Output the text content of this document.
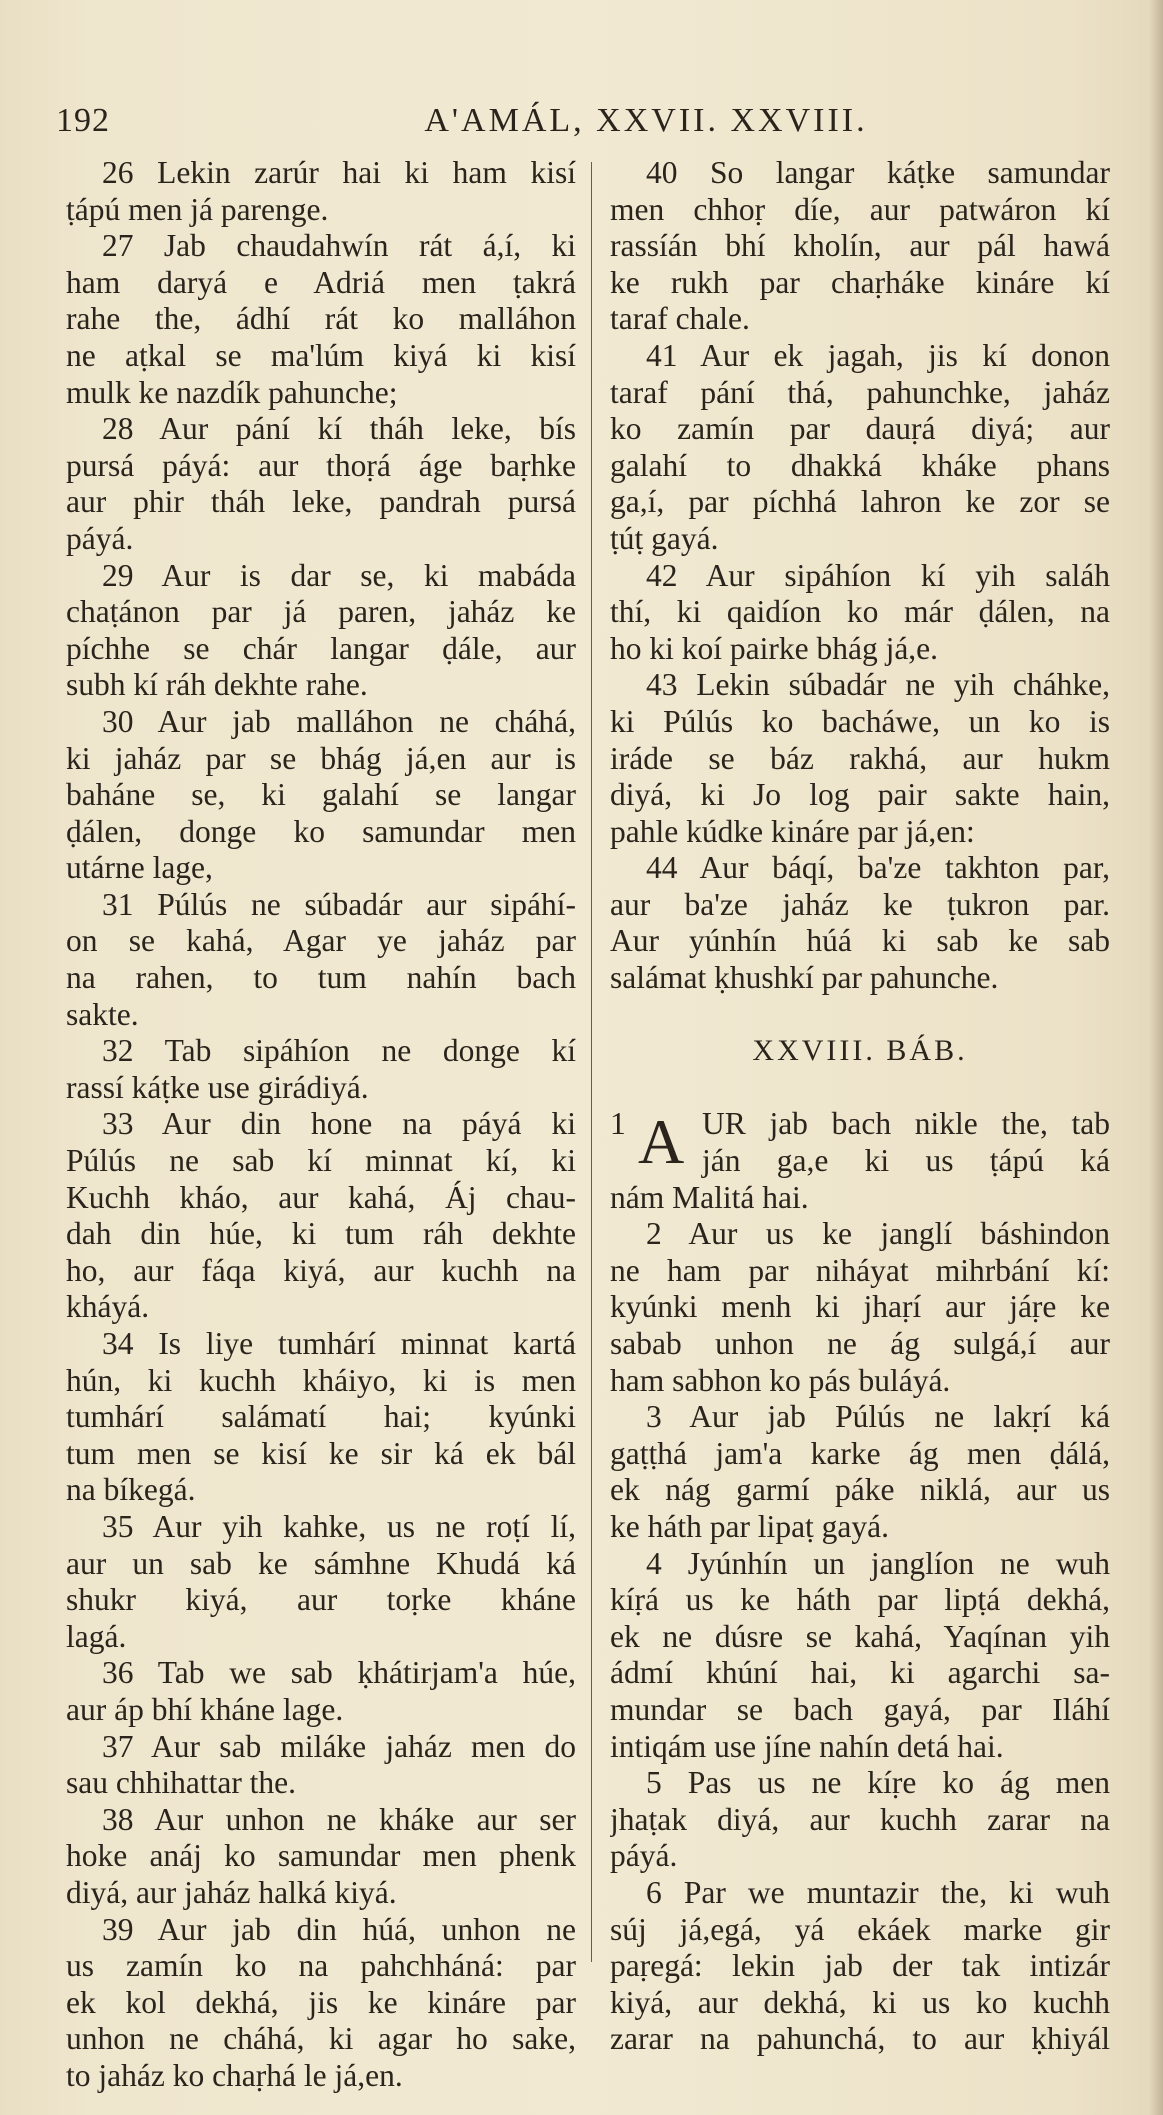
192	A'AMÁL, XXVII. XXVIII.
26 Lekin zarúr hai ki ham kisí
ṭápú men já parenge.
27 Jab chaudahwín rát á,í, ki
ham daryá e Adriá men ṭakrá
rahe the, ádhí rát ko malláhon
ne aṭkal se ma'lúm kiyá ki kisí
mulk ke nazdík pahunche;
28 Aur pání kí tháh leke, bís
pursá páyá: aur thoṛá áge baṛhke
aur phir tháh leke, pandrah pursá
páyá.
29 Aur is dar se, ki mabáda
chaṭánon par já paren, jaház ke
píchhe se chár langar ḍále, aur
subh kí ráh dekhte rahe.
30 Aur jab malláhon ne cháhá,
ki jaház par se bhág já,en aur is
baháne se, ki galahí se langar
ḍálen, donge ko samundar men
utárne lage,
31 Púlús ne súbadár aur sipáhí-
on se kahá, Agar ye jaház par
na rahen, to tum nahín bach
sakte.
32 Tab sipáhíon ne donge kí
rassí káṭke use girádiyá.
33 Aur din hone na páyá ki
Púlús ne sab kí minnat kí, ki
Kuchh kháo, aur kahá, Áj chau-
dah din húe, ki tum ráh dekhte
ho, aur fáqa kiyá, aur kuchh na
kháyá.
34 Is liye tumhárí minnat kartá
hún, ki kuchh kháiyo, ki is men
tumhárí salámatí hai; kyúnki
tum men se kisí ke sir ká ek bál
na bíkegá.
35 Aur yih kahke, us ne roṭí lí,
aur un sab ke sámhne Khudá ká
shukr kiyá, aur toṛke kháne
lagá.
36 Tab we sab ḳhátirjam'a húe,
aur áp bhí kháne lage.
37 Aur sab miláke jaház men do
sau chhihattar the.
38 Aur unhon ne kháke aur ser
hoke anáj ko samundar men phenk
diyá, aur jaház halká kiyá.
39 Aur jab din húá, unhon ne
us zamín ko na pahchháná: par
ek kol dekhá, jis ke kináre par
unhon ne cháhá, ki agar ho sake,
to jaház ko chaṛhá le já,en.
40 So langar káṭke samundar
men chhoṛ díe, aur patwáron kí
rassíán bhí kholín, aur pál hawá
ke rukh par chaṛháke kináre kí
taraf chale.
41 Aur ek jagah, jis kí donon
taraf pání thá, pahunchke, jaház
ko zamín par dauṛá diyá; aur
galahí to dhakká kháke phans
ga,í, par píchhá lahron ke zor se
ṭúṭ gayá.
42 Aur sipáhíon kí yih saláh
thí, ki qaidíon ko már ḍálen, na
ho ki koí pairke bhág já,e.
43 Lekin súbadár ne yih cháhke,
ki Púlús ko bacháwe, un ko is
iráde se báz rakhá, aur hukm
diyá, ki Jo log pair sakte hain,
pahle kúdke kináre par já,en:
44 Aur báqí, ba'ze takhton par,
aur ba'ze jaház ke ṭukron par.
Aur yúnhín húá ki sab ke sab
salámat ḳhushkí par pahunche.
XXVIII. BÁB.
1 A UR jab bach nikle the, tab
ján ga,e ki us ṭápú ká
nám Malitá hai.
2 Aur us ke janglí báshindon
ne ham par niháyat mihrbání kí:
kyúnki menh ki jhaṛí aur jáṛe ke
sabab unhon ne ág sulgá,í aur
ham sabhon ko pás buláyá.
3 Aur jab Púlús ne lakṛí ká
gaṭṭhá jam'a karke ág men ḍálá,
ek nág garmí páke niklá, aur us
ke háth par lipaṭ gayá.
4 Jyúnhín un janglíon ne wuh
kíṛá us ke háth par lipṭá dekhá,
ek ne dúsre se kahá, Yaqínan yih
ádmí khúní hai, ki agarchi sa-
mundar se bach gayá, par Iláhí
intiqám use jíne nahín detá hai.
5 Pas us ne kíṛe ko ág men
jhaṭak diyá, aur kuchh zarar na
páyá.
6 Par we muntazir the, ki wuh
súj já,egá, yá ekáek marke gir
paṛegá: lekin jab der tak intizár
kiyá, aur dekhá, ki us ko kuchh
zarar na pahunchá, to aur ḳhiyál
